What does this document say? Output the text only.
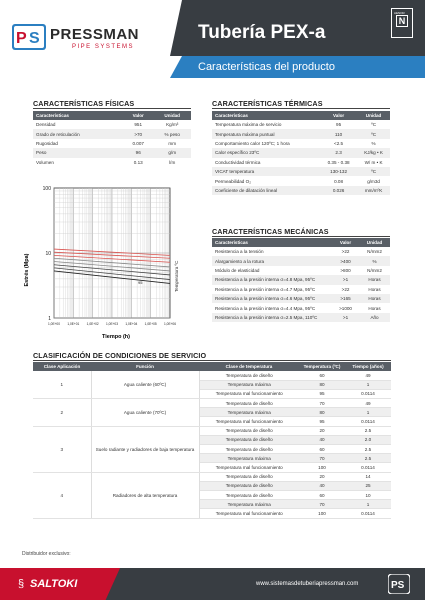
P S PRESSMAN
PIPE SYSTEMS
Tubería PEX-a
AENOR
N
Características del producto
CARACTERÍSTICAS FÍSICAS
Características	Valor	Unidad
Densidad	951	Kg/m³
Grado de reticulación	>70	% peso
Rugosidad	0.007	mm
Peso	96	g/m
Volumen	0.13	l/m
CARACTERÍSTICAS TÉRMICAS
Características	Valor	Unidad
Temperatura máxima de servicio	95	ºC
Temperatura máxima puntual	110	ºC
Comportamiento calor 120ºC; 1 hora	<2.5	%
Calor específico 23ºC	2.3	KJ/kg • K
Conductividad térmica	0.35 - 0.38	W/ m • K
VICAT temperatura	130-132	ºC
Permeabilidad O₂	0.08	g/m3d
Coeficiente de dilatación lineal	0.026	mm/mºK
Estrés (Mpa)
Tiempo (h)
100
10
1
1,0E+00 1,0E+01 1,0E+02 1,0E+03 1,0E+04 1,0E+05 1,0E+06
95	Temperatura ºC
CARACTERÍSTICAS MECÁNICAS
Características	Valor	Unidad
Resistencia a la tensión	>22	N/mm2
Alargamiento a la rotura	>400	%
Módulo de elasticidad	>800	N/mm2
Resistencia a la presión interna σ=4.8 Mpa, 95ºC	>1	Horas
Resistencia a la presión interna σ=4.7 Mpa, 95ºC	>22	Horas
Resistencia a la presión interna σ=4.6 Mpa, 95ºC	>165	Horas
Resistencia a la presión interna σ=4.4 Mpa, 95ºC	>1000	Horas
Resistencia a la presión interna σ=2.5 Mpa, 110ºC	>1	Año
CLASIFICACIÓN DE CONDICIONES DE SERVICIO
Clase Aplicación	Función	Clase de temperatura	Temperatura (ºC)	Tiempo (años)
1	Agua caliente (60ºC)	Temperatura de diseño	60	49
		Temperatura máxima	80	1
		Temperatura mal funcionamiento	95	0.0114
2	Agua caliente (70ºC)	Temperatura de diseño	70	49
		Temperatura máxima	80	1
		Temperatura mal funcionamiento	95	0.0114
3	Suelo radiante y radiadores de baja temperatura	Temperatura de diseño	20	2.5
		Temperatura de diseño	40	2.0
		Temperatura de diseño	60	2.5
		Temperatura máxima	70	2.5
		Temperatura mal funcionamiento	100	0.0114
4	Radiadores de alta temperatura	Temperatura de diseño	20	14
		Temperatura de diseño	40	25
		Temperatura de diseño	60	10
		Temperatura máxima	70	1
		Temperatura mal funcionamiento	100	0.0114
Distribuidor exclusivo:
§ SALTOKI	www.sistemasdetuberiapressman.com	PS
